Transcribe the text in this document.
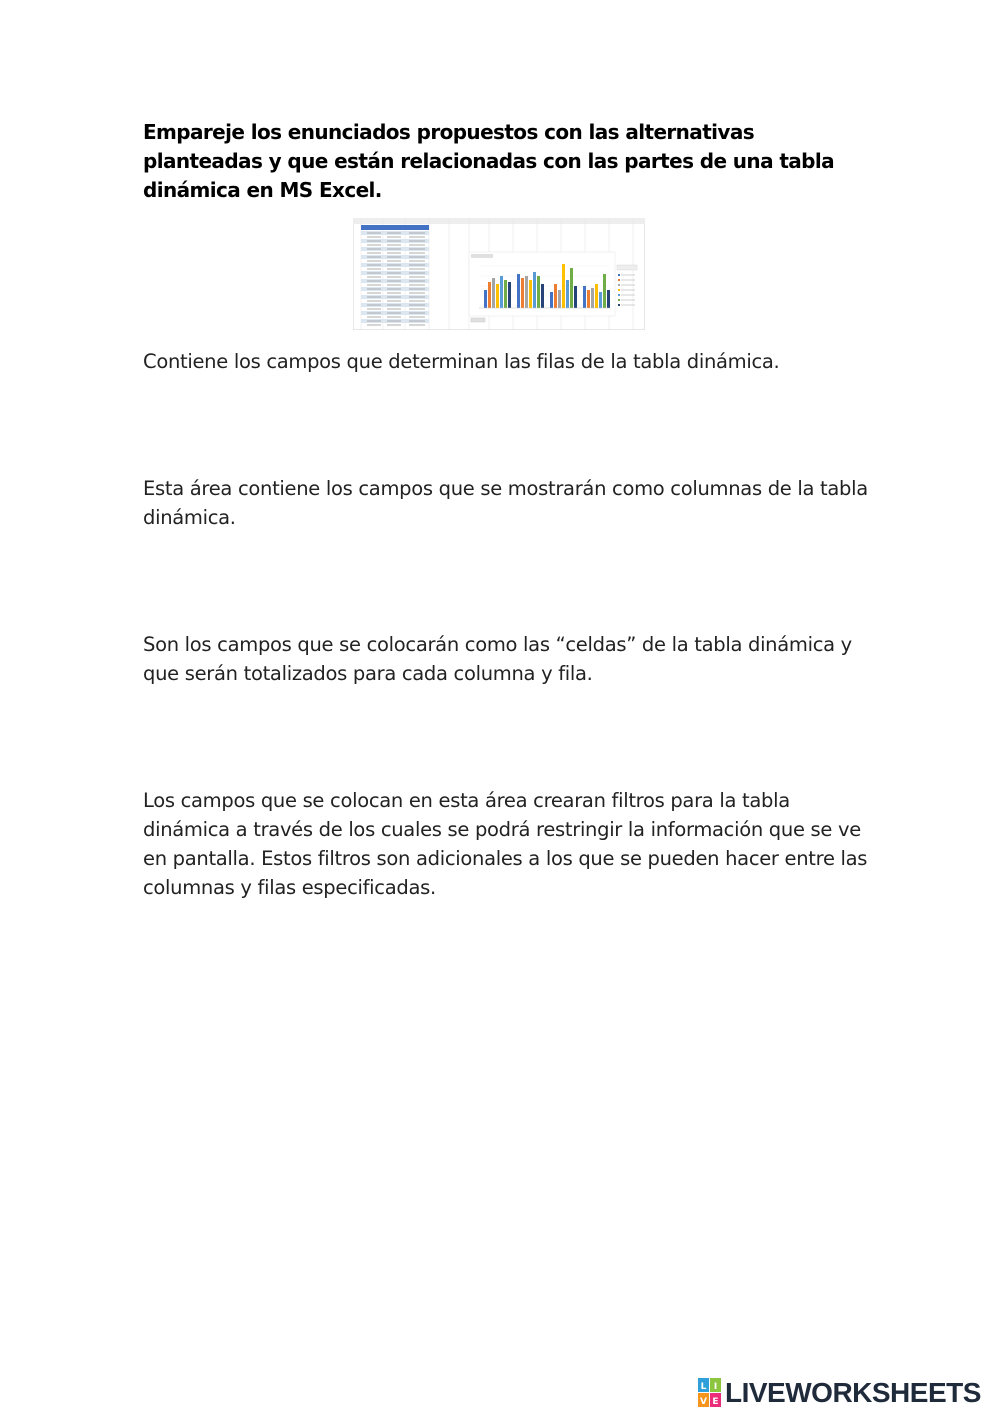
Empareje los enunciados propuestos con las alternativas planteadas y que están relacionadas con las partes de una tabla dinámica en MS Excel.

Contiene los campos que determinan las filas de la tabla dinámica.

Esta área contiene los campos que se mostrarán como columnas de la tabla dinámica.

Son los campos que se colocarán como las “celdas” de la tabla dinámica y que serán totalizados para cada columna y fila.

Los campos que se colocan en esta área crearan filtros para la tabla dinámica a través de los cuales se podrá restringir la información que se ve en pantalla. Estos filtros son adicionales a los que se pueden hacer entre las columnas y filas especificadas.

L I
V E LIVEWORKSHEETS
